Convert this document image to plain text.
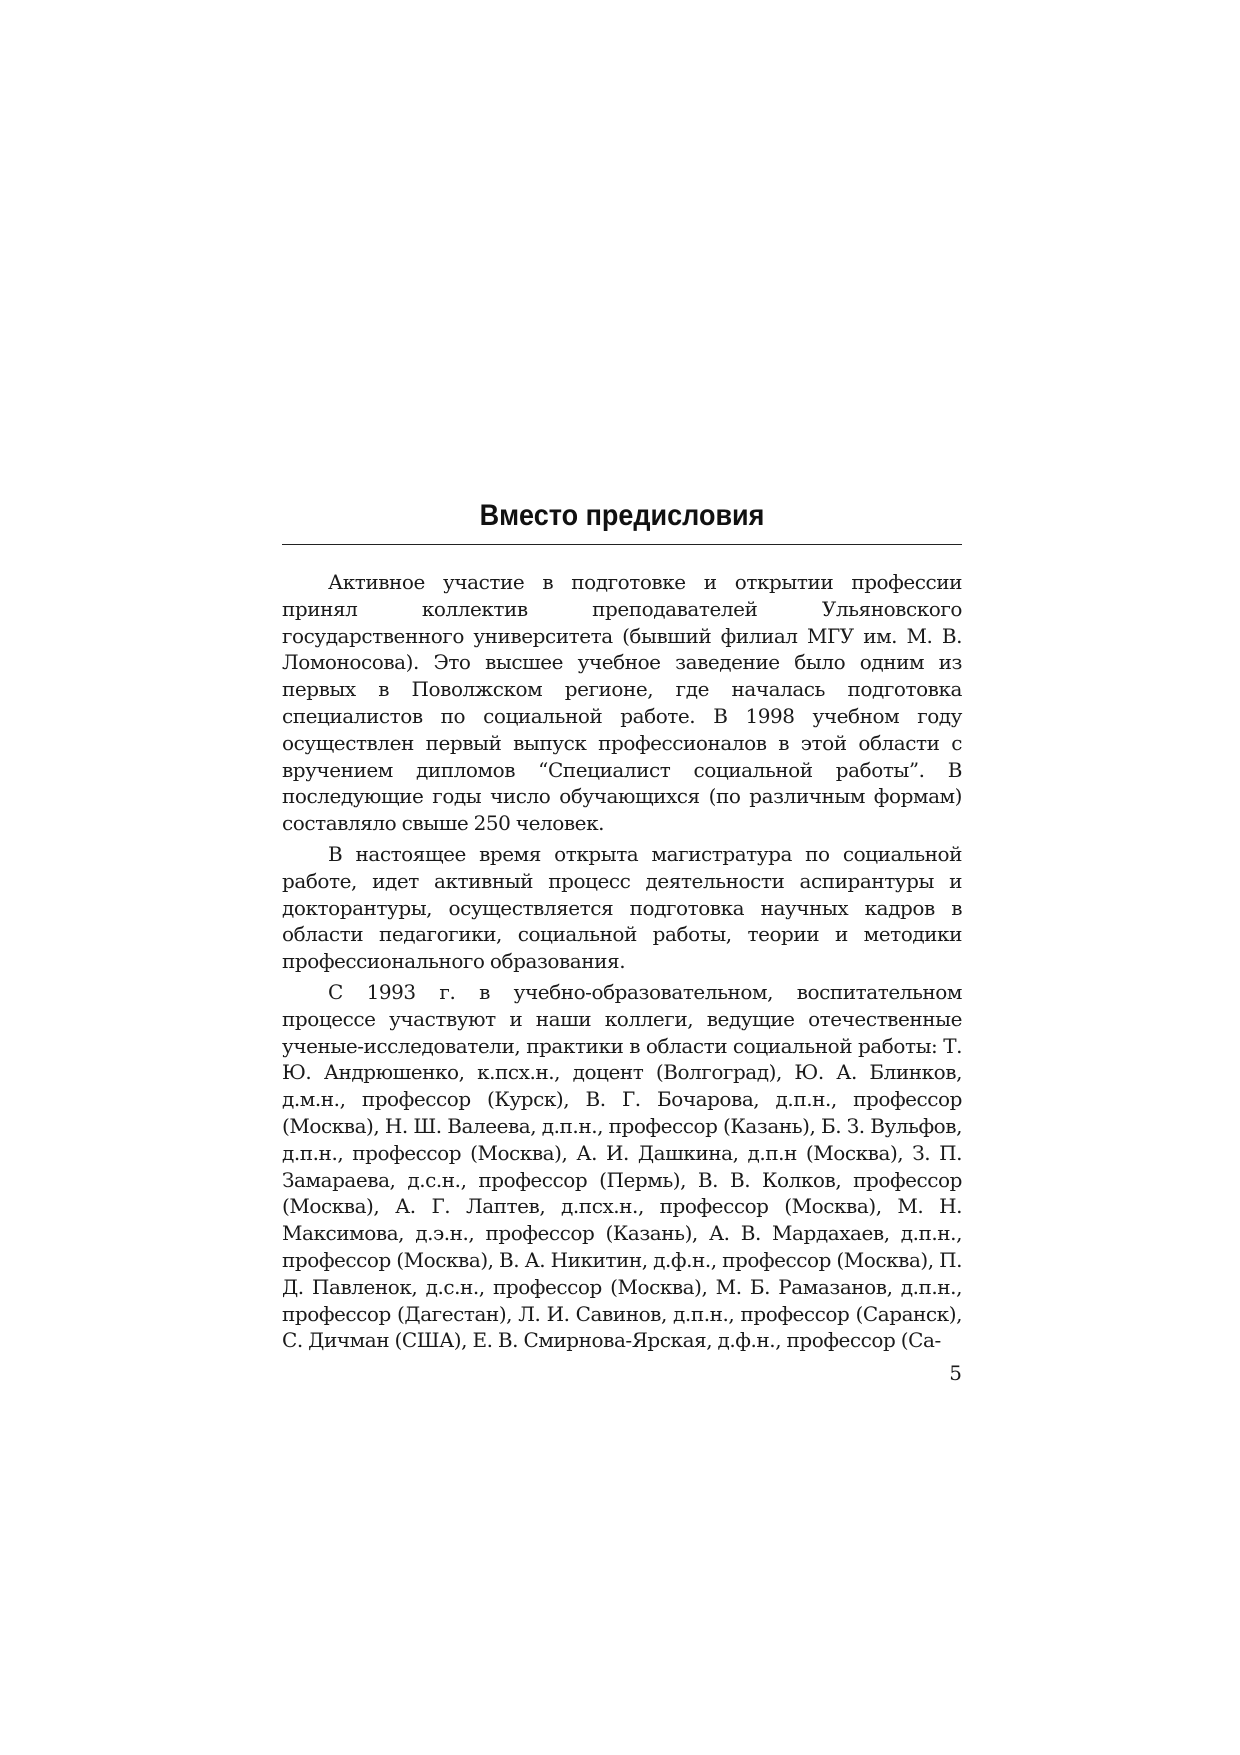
Вместо предисловия

Активное участие в подготовке и открытии профессии принял коллектив преподавателей Ульяновского государственного университета (бывший филиал МГУ им. М. В. Ломоносова). Это высшее учебное заведение было одним из первых в Поволжском регионе, где началась подготовка специалистов по социальной работе. В 1998 учебном году осуществлен первый выпуск профессионалов в этой области с вручением дипломов “Специалист социальной работы”. В последующие годы число обучающихся (по различным формам) составляло свыше 250 человек.

В настоящее время открыта магистратура по социальной работе, идет активный процесс деятельности аспирантуры и докторантуры, осуществляется подготовка научных кадров в области педагогики, социальной работы, теории и методики профессионального образования.

С 1993 г. в учебно-образовательном, воспитательном процессе участвуют и наши коллеги, ведущие отечественные ученые-исследователи, практики в области социальной работы: Т. Ю. Андрюшенко, к.псх.н., доцент (Волгоград), Ю. А. Блинков, д.м.н., профессор (Курск), В. Г. Бочарова, д.п.н., профессор (Москва), Н. Ш. Валеева, д.п.н., профессор (Казань), Б. З. Вульфов, д.п.н., профессор (Москва), А. И. Дашкина, д.п.н (Москва), З. П. Замараева, д.с.н., профессор (Пермь), В. В. Колков, профессор (Москва), А. Г. Лаптев, д.псх.н., профессор (Москва), М. Н. Максимова, д.э.н., профессор (Казань), А. В. Мардахаев, д.п.н., профессор (Москва), В. А. Никитин, д.ф.н., профессор (Москва), П. Д. Павленок, д.с.н., профессор (Москва), М. Б. Рамазанов, д.п.н., профессор (Дагестан), Л. И. Савинов, д.п.н., профессор (Саранск), С. Дичман (США), Е. В. Смирнова-Ярская, д.ф.н., профессор (Са-

5
